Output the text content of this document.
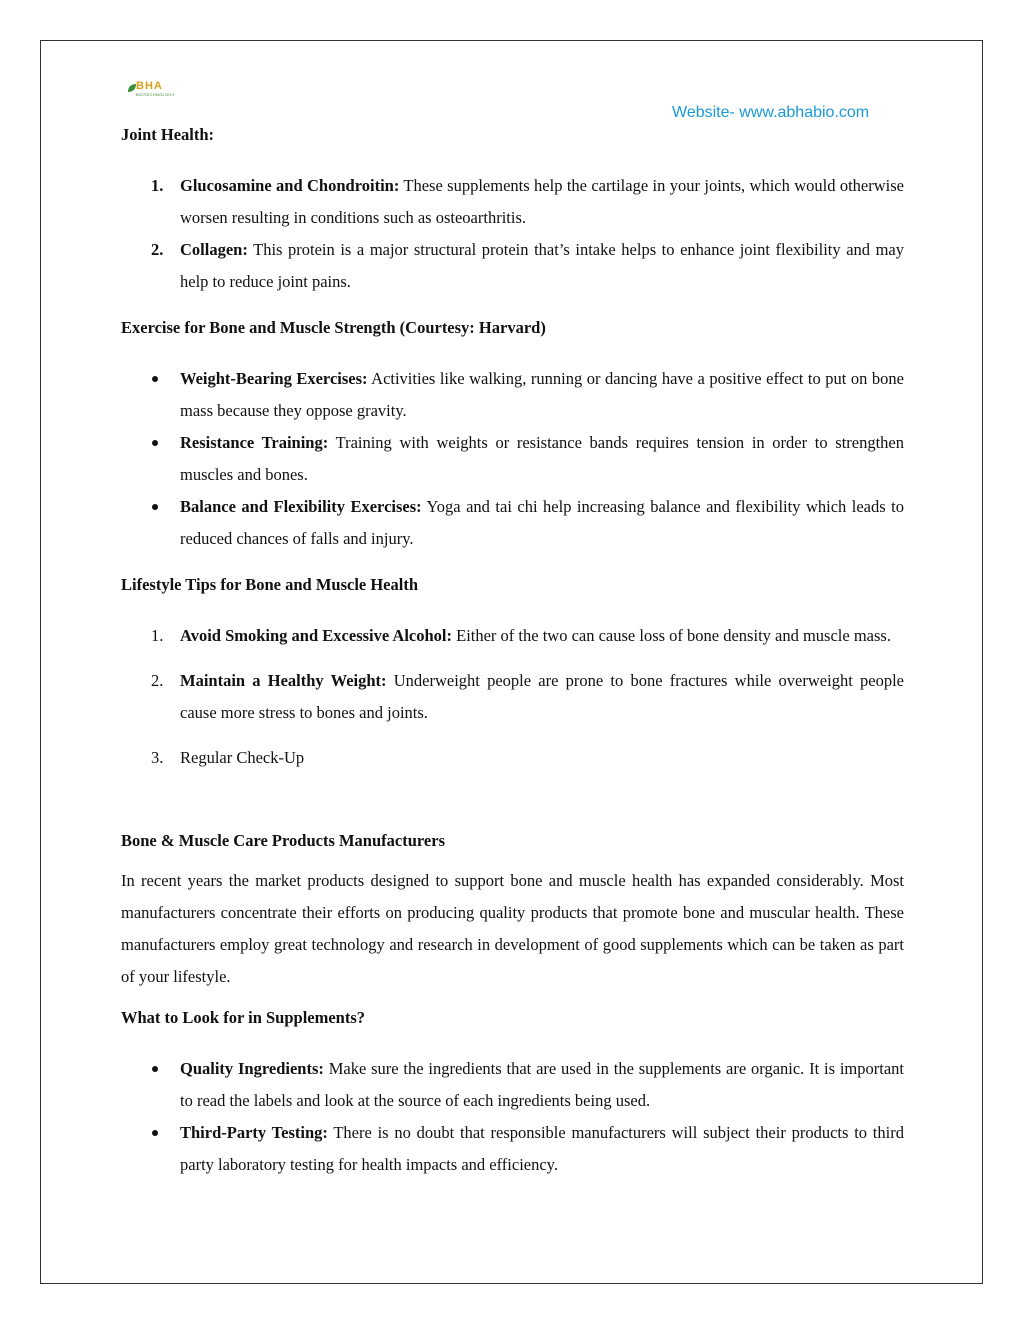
BHA
BIOTECHNOLOGY
Website- www.abhabio.com
Joint Health:
1. Glucosamine and Chondroitin: These supplements help the cartilage in your joints, which would otherwise worsen resulting in conditions such as osteoarthritis.
2. Collagen: This protein is a major structural protein that’s intake helps to enhance joint flexibility and may help to reduce joint pains.
Exercise for Bone and Muscle Strength (Courtesy: Harvard)
Weight-Bearing Exercises: Activities like walking, running or dancing have a positive effect to put on bone mass because they oppose gravity.
Resistance Training: Training with weights or resistance bands requires tension in order to strengthen muscles and bones.
Balance and Flexibility Exercises: Yoga and tai chi help increasing balance and flexibility which leads to reduced chances of falls and injury.
Lifestyle Tips for Bone and Muscle Health
1. Avoid Smoking and Excessive Alcohol: Either of the two can cause loss of bone density and muscle mass.
2. Maintain a Healthy Weight: Underweight people are prone to bone fractures while overweight people cause more stress to bones and joints.
3. Regular Check-Up
Bone & Muscle Care Products Manufacturers

In recent years the market products designed to support bone and muscle health has expanded considerably. Most manufacturers concentrate their efforts on producing quality products that promote bone and muscular health. These manufacturers employ great technology and research in development of good supplements which can be taken as part of your lifestyle.

What to Look for in Supplements?
Quality Ingredients: Make sure the ingredients that are used in the supplements are organic. It is important to read the labels and look at the source of each ingredients being used.
Third-Party Testing: There is no doubt that responsible manufacturers will subject their products to third party laboratory testing for health impacts and efficiency.
